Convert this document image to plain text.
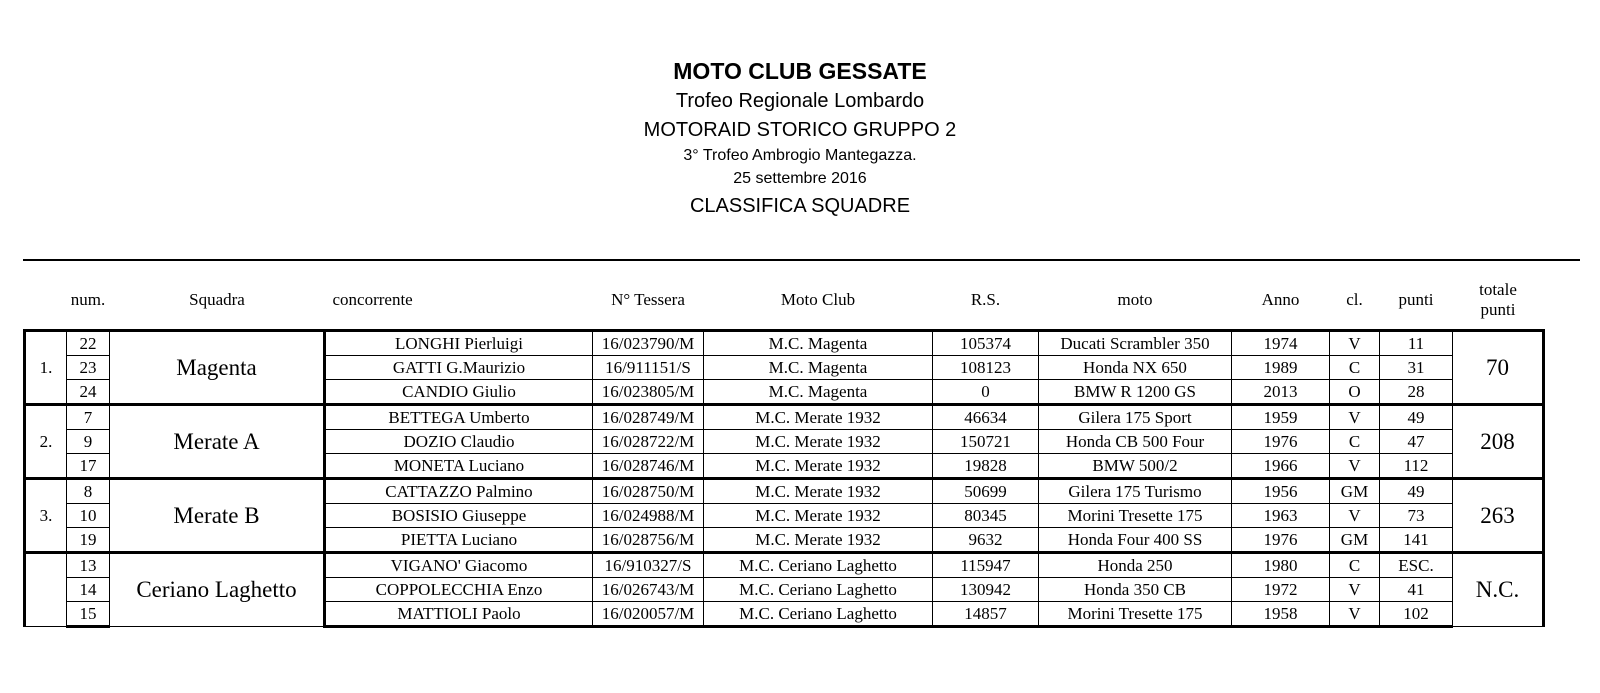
MOTO CLUB GESSATE
Trofeo Regionale Lombardo
MOTORAID STORICO GRUPPO 2
3° Trofeo Ambrogio Mantegazza.
25 settembre 2016
CLASSIFICA SQUADRE
	num.	Squadra	concorrente	N° Tessera	Moto Club	R.S.	moto	Anno	cl.	punti	totale
punti
1.	22	Magenta	LONGHI Pierluigi	16/023790/M	M.C. Magenta	105374	Ducati Scrambler 350	1974	V	11	70
	23		GATTI G.Maurizio	16/911151/S	M.C. Magenta	108123	Honda NX 650	1989	C	31	
	24		CANDIO Giulio	16/023805/M	M.C. Magenta	0	BMW R 1200 GS	2013	O	28	
2.	7	Merate A	BETTEGA Umberto	16/028749/M	M.C. Merate 1932	46634	Gilera 175 Sport	1959	V	49	208
	9		DOZIO Claudio	16/028722/M	M.C. Merate 1932	150721	Honda CB 500 Four	1976	C	47	
	17		MONETA Luciano	16/028746/M	M.C. Merate 1932	19828	BMW 500/2	1966	V	112	
3.	8	Merate B	CATTAZZO Palmino	16/028750/M	M.C. Merate 1932	50699	Gilera 175 Turismo	1956	GM	49	263
	10		BOSISIO Giuseppe	16/024988/M	M.C. Merate 1932	80345	Morini Tresette 175	1963	V	73	
	19		PIETTA Luciano	16/028756/M	M.C. Merate 1932	9632	Honda Four 400 SS	1976	GM	141	
	13	Ceriano Laghetto	VIGANO' Giacomo	16/910327/S	M.C. Ceriano Laghetto	115947	Honda 250	1980	C	ESC.	N.C.
	14		COPPOLECCHIA Enzo	16/026743/M	M.C. Ceriano Laghetto	130942	Honda 350 CB	1972	V	41	
	15		MATTIOLI Paolo	16/020057/M	M.C. Ceriano Laghetto	14857	Morini Tresette 175	1958	V	102	
